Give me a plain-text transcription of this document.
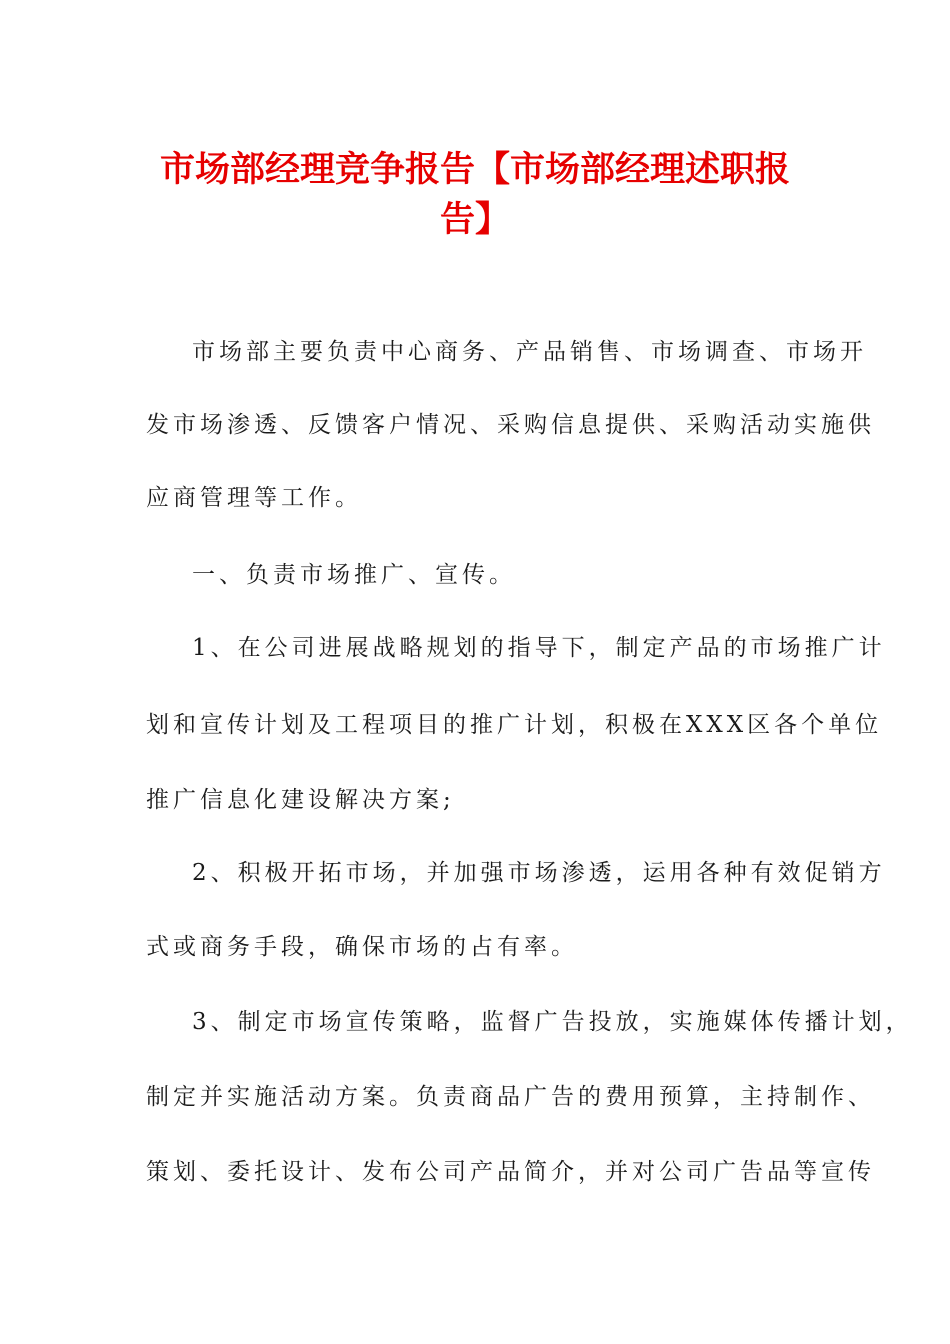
市场部经理竞争报告【市场部经理述职报
告】
市场部主要负责中心商务、产品销售、市场调查、市场开
发市场渗透、反馈客户情况、采购信息提供、采购活动实施供
应商管理等工作。
一、负责市场推广、宣传。
1、在公司进展战略规划的指导下，制定产品的市场推广计
划和宣传计划及工程项目的推广计划，积极在XXX区各个单位
推广信息化建设解决方案;
2、积极开拓市场，并加强市场渗透，运用各种有效促销方
式或商务手段，确保市场的占有率。
3、制定市场宣传策略，监督广告投放，实施媒体传播计划，
制定并实施活动方案。负责商品广告的费用预算，主持制作、
策划、委托设计、发布公司产品简介，并对公司广告品等宣传
